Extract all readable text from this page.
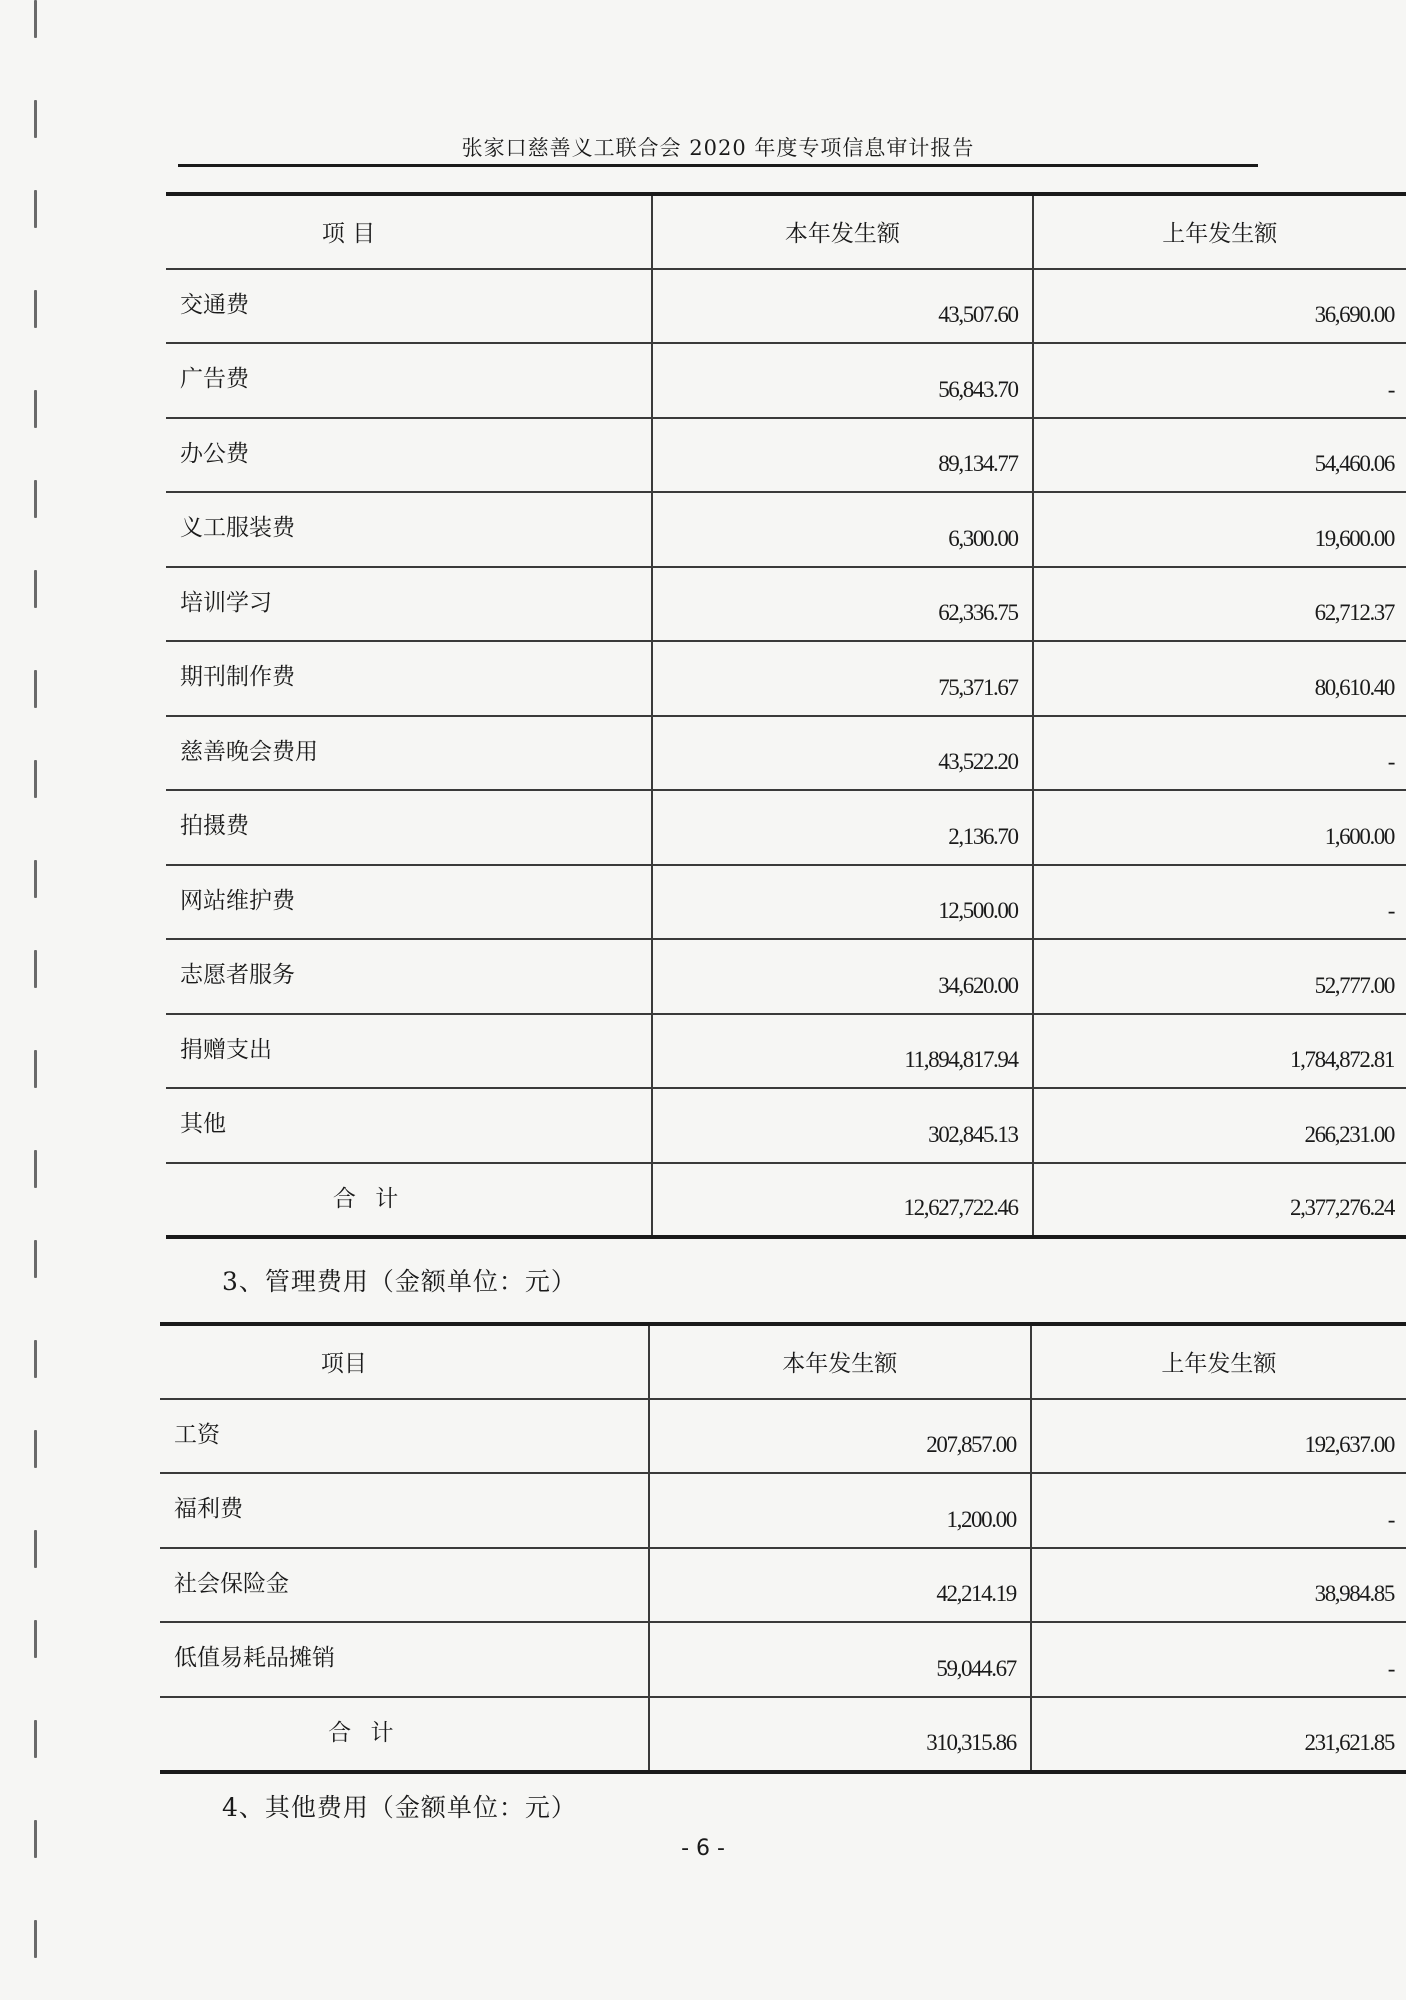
张家口慈善义工联合会 2020 年度专项信息审计报告
项 目	本年发生额	上年发生额
交通费	43,507.60	36,690.00
广告费	56,843.70	-
办公费	89,134.77	54,460.06
义工服装费	6,300.00	19,600.00
培训学习	62,336.75	62,712.37
期刊制作费	75,371.67	80,610.40
慈善晚会费用	43,522.20	-
拍摄费	2,136.70	1,600.00
网站维护费	12,500.00	-
志愿者服务	34,620.00	52,777.00
捐赠支出	11,894,817.94	1,784,872.81
其他	302,845.13	266,231.00
合 计	12,627,722.46	2,377,276.24
3、管理费用（金额单位：元）
项目	本年发生额	上年发生额
工资	207,857.00	192,637.00
福利费	1,200.00	-
社会保险金	42,214.19	38,984.85
低值易耗品摊销	59,044.67	-
合 计	310,315.86	231,621.85
4、其他费用（金额单位：元）
- 6 -
